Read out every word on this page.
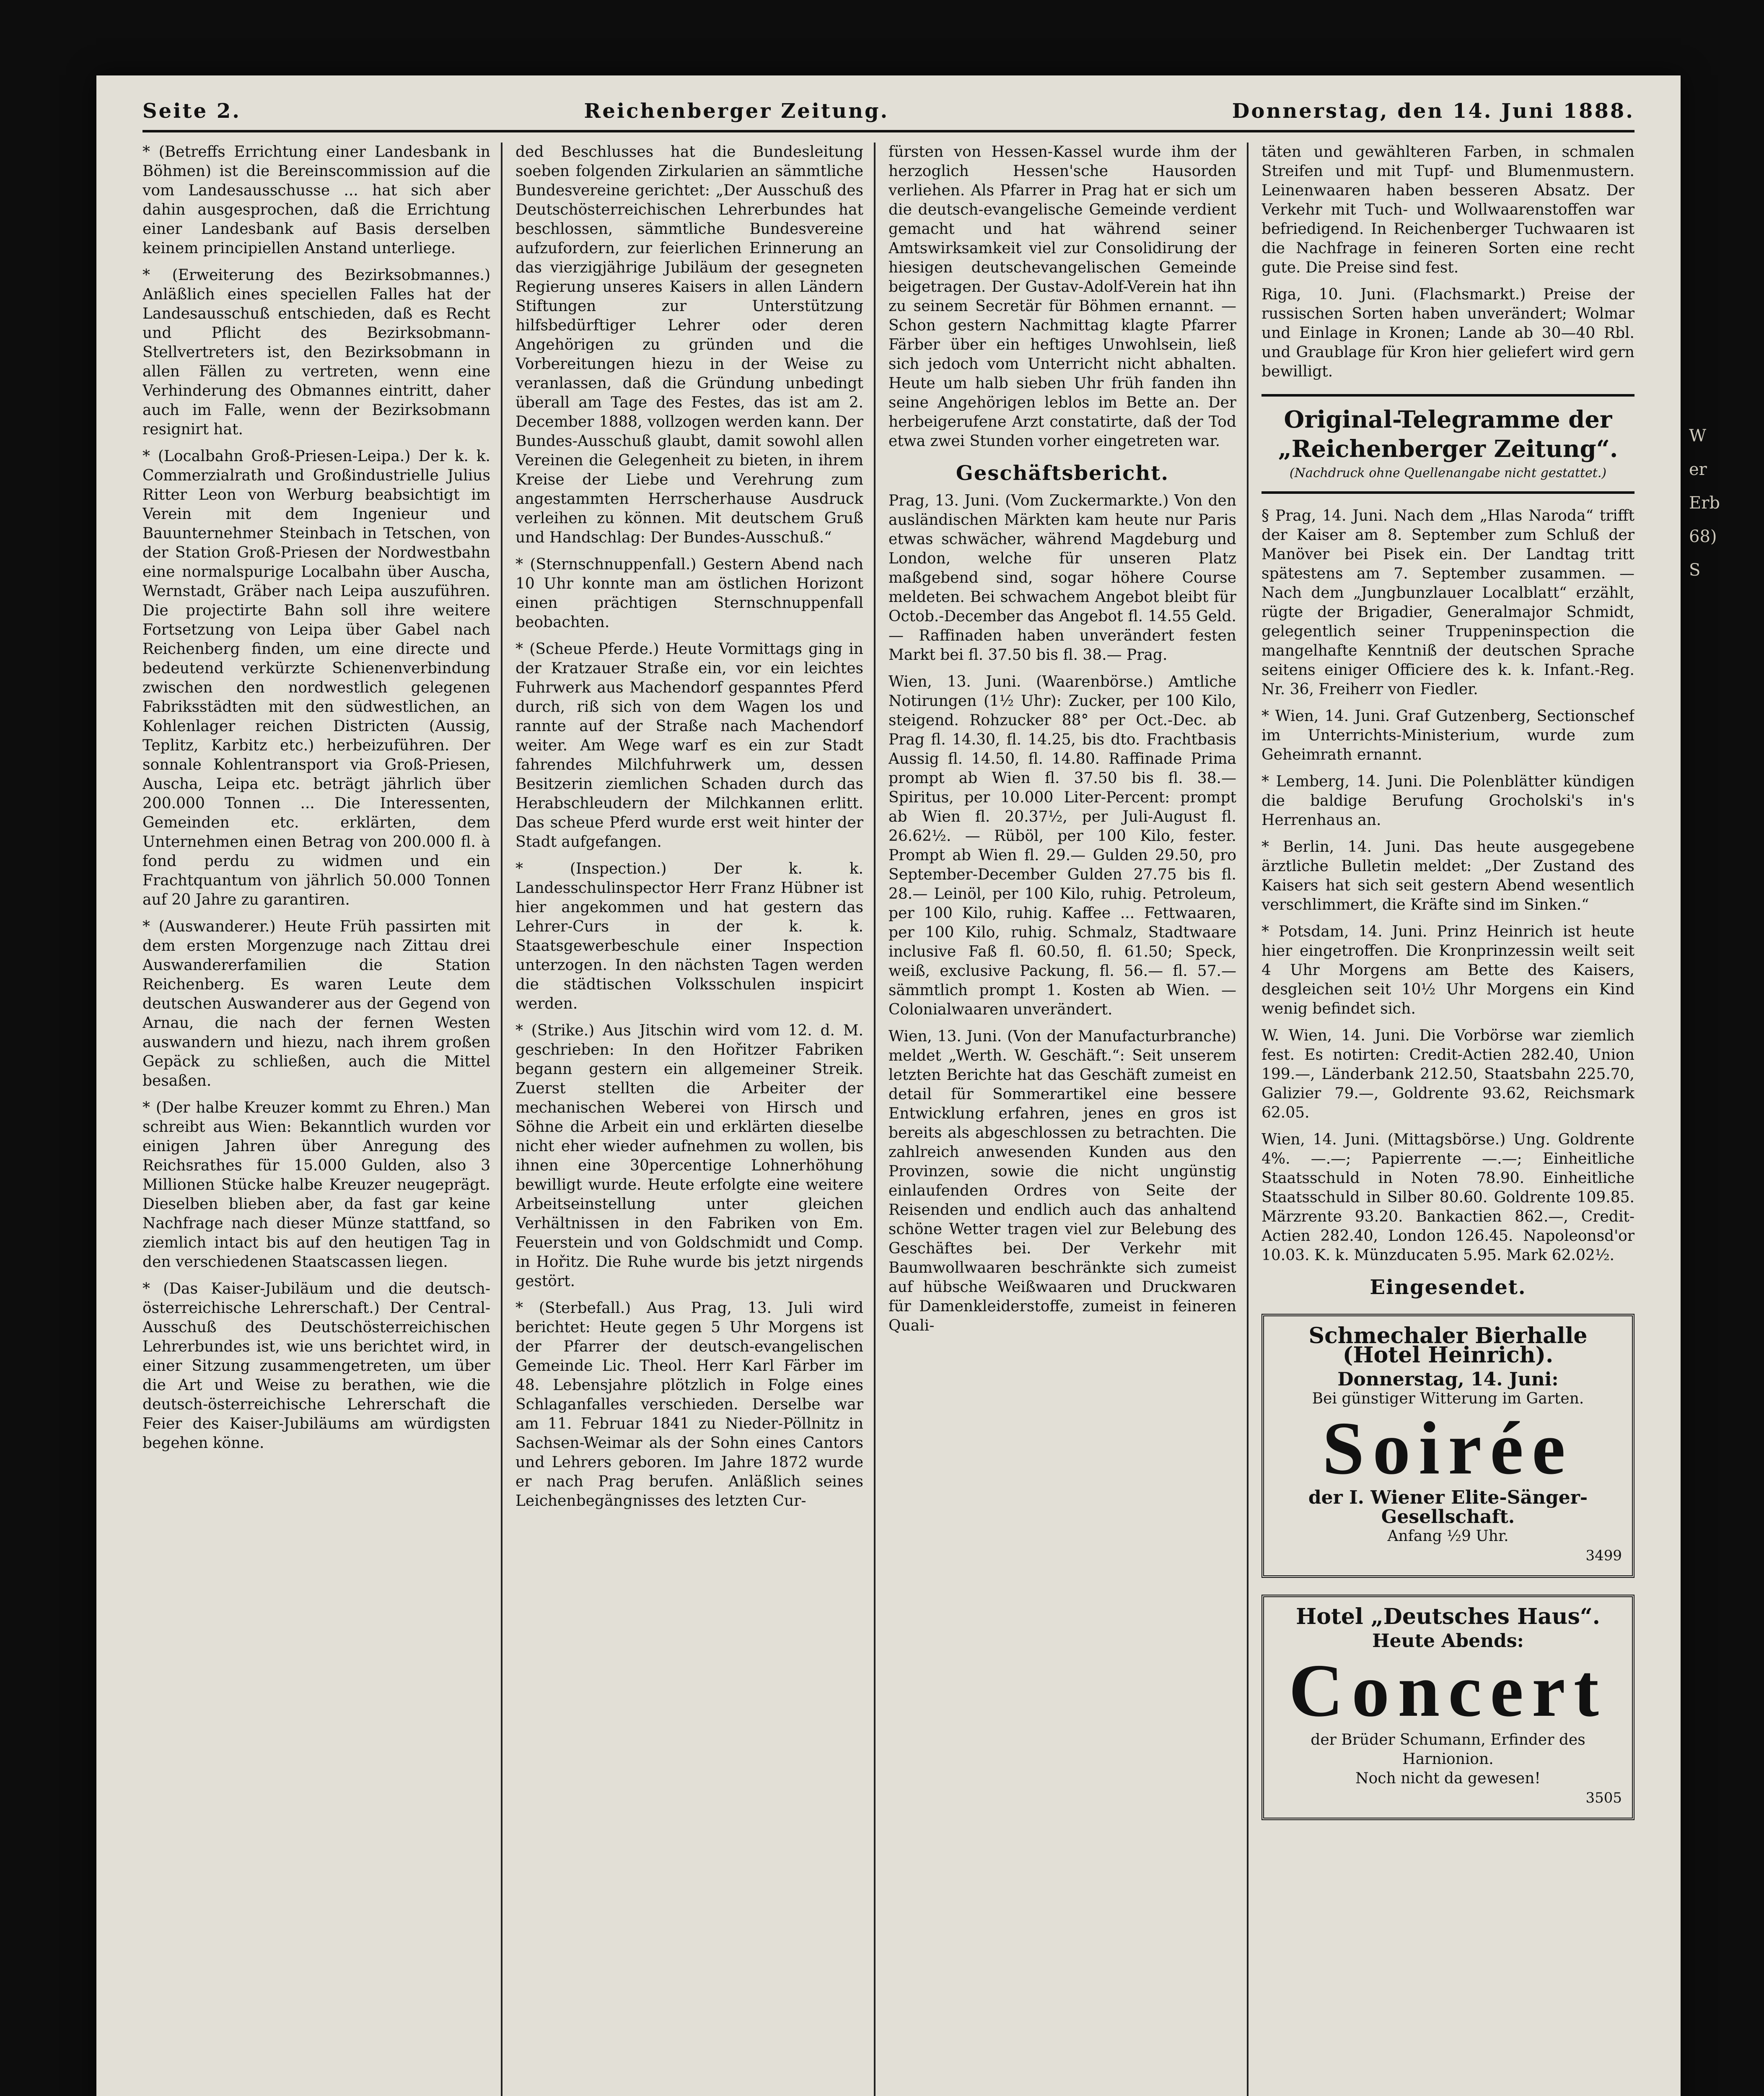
Seite 2.	Reichenberger Zeitung.	Donnerstag, den 14. Juni 1888.

* (Betreffs Errichtung einer Landesbank in Böhmen) ist die Bereinscommission auf die vom Landesausschusse ... hat sich aber dahin ausgesprochen, daß die Errichtung einer Landesbank auf Basis derselben keinem principiellen Anstand unterliege.

* (Erweiterung des Bezirksobmannes.) Anläßlich eines speciellen Falles hat der Landesausschuß entschieden, daß es Recht und Pflicht des Bezirksobmann-Stellvertreters ist, den Bezirksobmann in allen Fällen zu vertreten, wenn eine Verhinderung des Obmannes eintritt, daher auch im Falle, wenn der Bezirksobmann resignirt hat.

* (Localbahn Groß-Priesen-Leipa.) Der k. k. Commerzialrath und Großindustrielle Julius Ritter Leon von Werburg beabsichtigt im Verein mit dem Ingenieur und Bauunternehmer Steinbach in Tetschen, von der Station Groß-Priesen der Nordwestbahn eine normalspurige Localbahn über Auscha, Wernstadt, Gräber nach Leipa auszuführen. Die projectirte Bahn soll ihre weitere Fortsetzung von Leipa über Gabel nach Reichenberg finden, um eine directe und bedeutend verkürzte Schienenverbindung zwischen den nordwestlich gelegenen Fabriksstädten mit den südwestlichen, an Kohlenlager reichen Districten (Aussig, Teplitz, Karbitz etc.) herbeizuführen. Der sonnale Kohlentransport via Groß-Priesen, Auscha, Leipa etc. beträgt jährlich über 200.000 Tonnen ... Die Interessenten, Gemeinden etc. erklärten, dem Unternehmen einen Betrag von 200.000 fl. à fond perdu zu widmen und ein Frachtquantum von jährlich 50.000 Tonnen auf 20 Jahre zu garantiren.

* (Auswanderer.) Heute Früh passirten mit dem ersten Morgenzuge nach Zittau drei Auswandererfamilien die Station Reichenberg. Es waren Leute dem deutschen Auswanderer aus der Gegend von Arnau, die nach der fernen Westen auswandern und hiezu, nach ihrem großen Gepäck zu schließen, auch die Mittel besaßen.

* (Der halbe Kreuzer kommt zu Ehren.) Man schreibt aus Wien: Bekanntlich wurden vor einigen Jahren über Anregung des Reichsrathes für 15.000 Gulden, also 3 Millionen Stücke halbe Kreuzer neugeprägt. Dieselben blieben aber, da fast gar keine Nachfrage nach dieser Münze stattfand, so ziemlich intact bis auf den heutigen Tag in den verschiedenen Staatscassen liegen.

* (Das Kaiser-Jubiläum und die deutsch-österreichische Lehrerschaft.) Der Central-Ausschuß des Deutschösterreichischen Lehrerbundes ist, wie uns berichtet wird, in einer Sitzung zusammengetreten, um über die Art und Weise zu berathen, wie die deutsch-österreichische Lehrerschaft die Feier des Kaiser-Jubiläums am würdigsten begehen könne.

ded Beschlusses hat die Bundesleitung soeben folgenden Zirkularien an sämmtliche Bundesvereine gerichtet: „Der Ausschuß des Deutschösterreichischen Lehrerbundes hat beschlossen, sämmtliche Bundesvereine aufzufordern, zur feierlichen Erinnerung an das vierzigjährige Jubiläum der gesegneten Regierung unseres Kaisers in allen Ländern Stiftungen zur Unterstützung hilfsbedürftiger Lehrer oder deren Angehörigen zu gründen und die Vorbereitungen hiezu in der Weise zu veranlassen, daß die Gründung unbedingt überall am Tage des Festes, das ist am 2. December 1888, vollzogen werden kann. Der Bundes-Ausschuß glaubt, damit sowohl allen Vereinen die Gelegenheit zu bieten, in ihrem Kreise der Liebe und Verehrung zum angestammten Herrscherhause Ausdruck verleihen zu können. Mit deutschem Gruß und Handschlag: Der Bundes-Ausschuß.“

* (Sternschnuppenfall.) Gestern Abend nach 10 Uhr konnte man am östlichen Horizont einen prächtigen Sternschnuppenfall beobachten.

* (Scheue Pferde.) Heute Vormittags ging in der Kratzauer Straße ein, vor ein leichtes Fuhrwerk aus Machendorf gespanntes Pferd durch, riß sich von dem Wagen los und rannte auf der Straße nach Machendorf weiter. Am Wege warf es ein zur Stadt fahrendes Milchfuhrwerk um, dessen Besitzerin ziemlichen Schaden durch das Herabschleudern der Milchkannen erlitt. Das scheue Pferd wurde erst weit hinter der Stadt aufgefangen.

* (Inspection.) Der k. k. Landesschulinspector Herr Franz Hübner ist hier angekommen und hat gestern das Lehrer-Curs in der k. k. Staatsgewerbeschule einer Inspection unterzogen. In den nächsten Tagen werden die städtischen Volksschulen inspicirt werden.

* (Strike.) Aus Jitschin wird vom 12. d. M. geschrieben: In den Hořitzer Fabriken begann gestern ein allgemeiner Streik. Zuerst stellten die Arbeiter der mechanischen Weberei von Hirsch und Söhne die Arbeit ein und erklärten dieselbe nicht eher wieder aufnehmen zu wollen, bis ihnen eine 30percentige Lohnerhöhung bewilligt wurde. Heute erfolgte eine weitere Arbeitseinstellung unter gleichen Verhältnissen in den Fabriken von Em. Feuerstein und von Goldschmidt und Comp. in Hořitz. Die Ruhe wurde bis jetzt nirgends gestört.

* (Sterbefall.) Aus Prag, 13. Juli wird berichtet: Heute gegen 5 Uhr Morgens ist der Pfarrer der deutsch-evangelischen Gemeinde Lic. Theol. Herr Karl Färber im 48. Lebensjahre plötzlich in Folge eines Schlaganfalles verschieden. Derselbe war am 11. Februar 1841 zu Nieder-Pöllnitz in Sachsen-Weimar als der Sohn eines Cantors und Lehrers geboren. Im Jahre 1872 wurde er nach Prag berufen. Anläßlich seines Leichenbegängnisses des letzten Cur-

fürsten von Hessen-Kassel wurde ihm der herzoglich Hessen'sche Hausorden verliehen. Als Pfarrer in Prag hat er sich um die deutsch-evangelische Gemeinde verdient gemacht und hat während seiner Amtswirksamkeit viel zur Consolidirung der hiesigen deutschevangelischen Gemeinde beigetragen. Der Gustav-Adolf-Verein hat ihn zu seinem Secretär für Böhmen ernannt. — Schon gestern Nachmittag klagte Pfarrer Färber über ein heftiges Unwohlsein, ließ sich jedoch vom Unterricht nicht abhalten. Heute um halb sieben Uhr früh fanden ihn seine Angehörigen leblos im Bette an. Der herbeigerufene Arzt constatirte, daß der Tod etwa zwei Stunden vorher eingetreten war.

Geschäftsbericht.

Prag, 13. Juni. (Vom Zuckermarkte.) Von den ausländischen Märkten kam heute nur Paris etwas schwächer, während Magdeburg und London, welche für unseren Platz maßgebend sind, sogar höhere Course meldeten. Bei schwachem Angebot bleibt für Octob.-December das Angebot fl. 14.55 Geld. — Raffinaden haben unverändert festen Markt bei fl. 37.50 bis fl. 38.— Prag.

Wien, 13. Juni. (Waarenbörse.) Amtliche Notirungen (1½ Uhr): Zucker, per 100 Kilo, steigend. Rohzucker 88° per Oct.-Dec. ab Prag fl. 14.30, fl. 14.25, bis dto. Frachtbasis Aussig fl. 14.50, fl. 14.80. Raffinade Prima prompt ab Wien fl. 37.50 bis fl. 38.— Spiritus, per 10.000 Liter-Percent: prompt ab Wien fl. 20.37½, per Juli-August fl. 26.62½. — Rüböl, per 100 Kilo, fester. Prompt ab Wien fl. 29.— Gulden 29.50, pro September-December Gulden 27.75 bis fl. 28.— Leinöl, per 100 Kilo, ruhig. Petroleum, per 100 Kilo, ruhig. Kaffee ... Fettwaaren, per 100 Kilo, ruhig. Schmalz, Stadtwaare inclusive Faß fl. 60.50, fl. 61.50; Speck, weiß, exclusive Packung, fl. 56.— fl. 57.— sämmtlich prompt 1. Kosten ab Wien. — Colonialwaaren unverändert.

Wien, 13. Juni. (Von der Manufacturbranche) meldet „Werth. W. Geschäft.“: Seit unserem letzten Berichte hat das Geschäft zumeist en detail für Sommerartikel eine bessere Entwicklung erfahren, jenes en gros ist bereits als abgeschlossen zu betrachten. Die zahlreich anwesenden Kunden aus den Provinzen, sowie die nicht ungünstig einlaufenden Ordres von Seite der Reisenden und endlich auch das anhaltend schöne Wetter tragen viel zur Belebung des Geschäftes bei. Der Verkehr mit Baumwollwaaren beschränkte sich zumeist auf hübsche Weißwaaren und Druckwaren für Damenkleiderstoffe, zumeist in feineren Quali-

täten und gewählteren Farben, in schmalen Streifen und mit Tupf- und Blumenmustern. Leinenwaaren haben besseren Absatz. Der Verkehr mit Tuch- und Wollwaarenstoffen war befriedigend. In Reichenberger Tuchwaaren ist die Nachfrage in feineren Sorten eine recht gute. Die Preise sind fest.

Riga, 10. Juni. (Flachsmarkt.) Preise der russischen Sorten haben unverändert; Wolmar und Einlage in Kronen; Lande ab 30—40 Rbl. und Graublage für Kron hier geliefert wird gern bewilligt.

Original-Telegramme der „Reichenberger Zeitung“.
(Nachdruck ohne Quellenangabe nicht gestattet.)

§ Prag, 14. Juni. Nach dem „Hlas Naroda“ trifft der Kaiser am 8. September zum Schluß der Manöver bei Pisek ein. Der Landtag tritt spätestens am 7. September zusammen. — Nach dem „Jungbunzlauer Localblatt“ erzählt, rügte der Brigadier, Generalmajor Schmidt, gelegentlich seiner Truppeninspection die mangelhafte Kenntniß der deutschen Sprache seitens einiger Officiere des k. k. Infant.-Reg. Nr. 36, Freiherr von Fiedler.

* Wien, 14. Juni. Graf Gutzenberg, Sectionschef im Unterrichts-Ministerium, wurde zum Geheimrath ernannt.

* Lemberg, 14. Juni. Die Polenblätter kündigen die baldige Berufung Grocholski's in's Herrenhaus an.

* Berlin, 14. Juni. Das heute ausgegebene ärztliche Bulletin meldet: „Der Zustand des Kaisers hat sich seit gestern Abend wesentlich verschlimmert, die Kräfte sind im Sinken.“

* Potsdam, 14. Juni. Prinz Heinrich ist heute hier eingetroffen. Die Kronprinzessin weilt seit 4 Uhr Morgens am Bette des Kaisers, desgleichen seit 10½ Uhr Morgens ein Kind wenig befindet sich.

W. Wien, 14. Juni. Die Vorbörse war ziemlich fest. Es notirten: Credit-Actien 282.40, Union 199.—, Länderbank 212.50, Staatsbahn 225.70, Galizier 79.—, Goldrente 93.62, Reichsmark 62.05.

Wien, 14. Juni. (Mittagsbörse.) Ung. Goldrente 4%. —.—; Papierrente —.—; Einheitliche Staatsschuld in Noten 78.90. Einheitliche Staatsschuld in Silber 80.60. Goldrente 109.85. Märzrente 93.20. Bankactien 862.—, Credit-Actien 282.40, London 126.45. Napoleonsd'or 10.03. K. k. Münzducaten 5.95. Mark 62.02½.

Eingesendet.
Schmechaler Bierhalle (Hotel Heinrich).
Donnerstag, 14. Juni:
Bei günstiger Witterung im Garten.
Soirée
der I. Wiener Elite-Sänger-Gesellschaft.
Anfang ½9 Uhr.
3499
Hotel „Deutsches Haus“.
Heute Abends:
Concert
der Brüder Schumann, Erfinder des Harnionion.
Noch nicht da gewesen!
3505
W
er
Erb
68)
S
